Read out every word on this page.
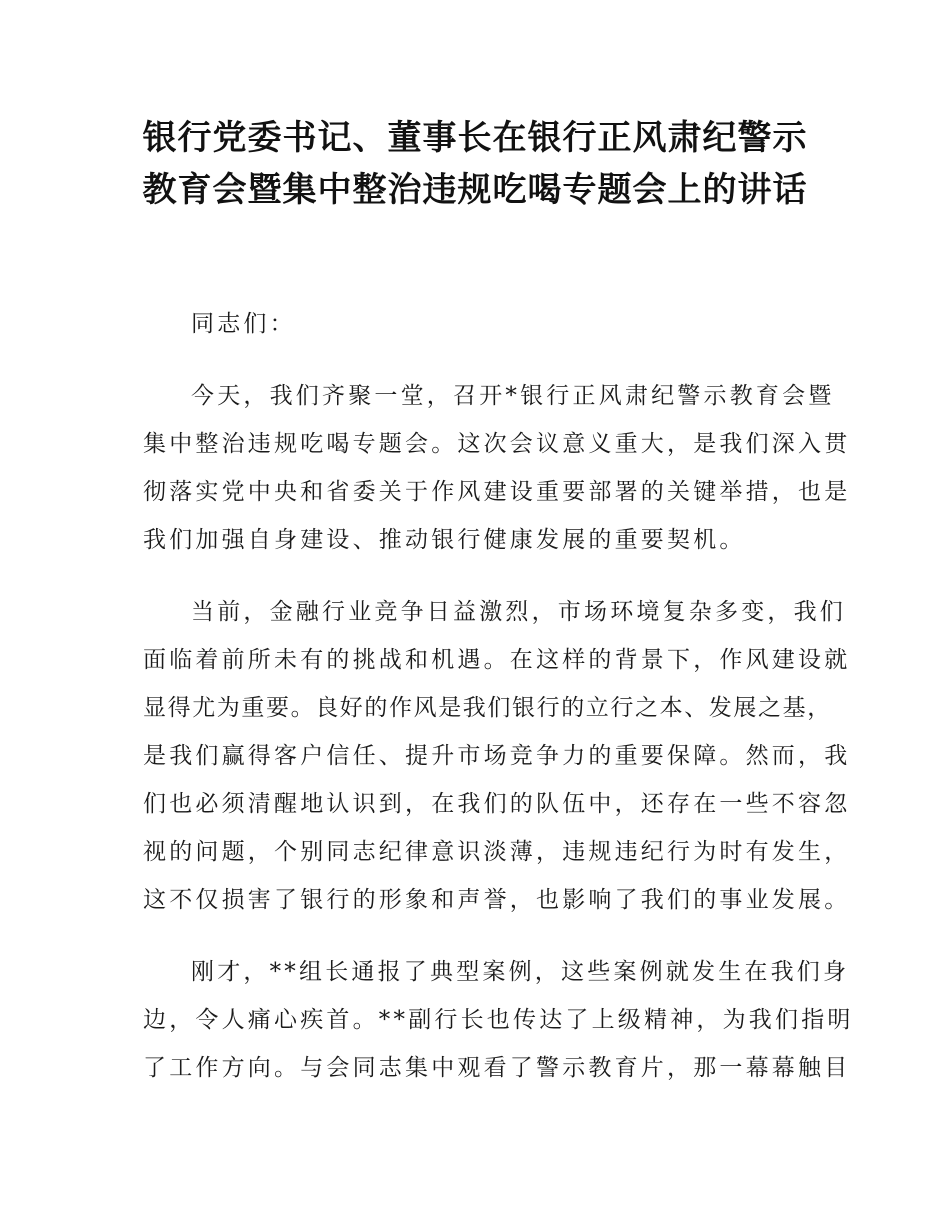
银行党委书记、董事长在银行正风肃纪警示
教育会暨集中整治违规吃喝专题会上的讲话
同志们：
今天，我们齐聚一堂，召开*银行正风肃纪警示教育会暨
集中整治违规吃喝专题会。这次会议意义重大，是我们深入贯
彻落实党中央和省委关于作风建设重要部署的关键举措，也是
我们加强自身建设、推动银行健康发展的重要契机。
当前，金融行业竞争日益激烈，市场环境复杂多变，我们
面临着前所未有的挑战和机遇。在这样的背景下，作风建设就
显得尤为重要。良好的作风是我们银行的立行之本、发展之基，
是我们赢得客户信任、提升市场竞争力的重要保障。然而，我
们也必须清醒地认识到，在我们的队伍中，还存在一些不容忽
视的问题，个别同志纪律意识淡薄，违规违纪行为时有发生，
这不仅损害了银行的形象和声誉，也影响了我们的事业发展。
刚才，**组长通报了典型案例，这些案例就发生在我们身
边，令人痛心疾首。**副行长也传达了上级精神，为我们指明
了工作方向。与会同志集中观看了警示教育片，那一幕幕触目
